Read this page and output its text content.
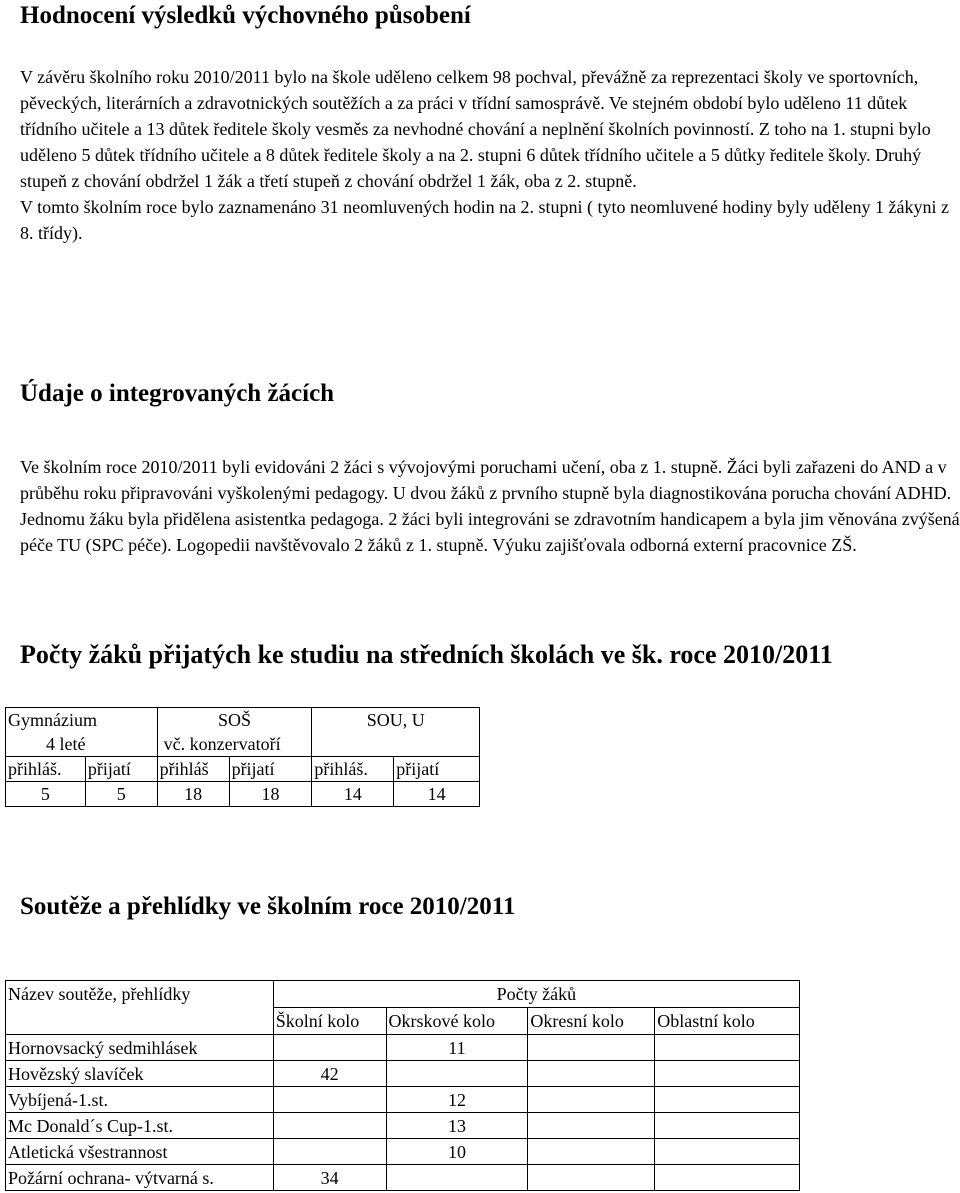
Hodnocení výsledků výchovného působení

V závěru školního roku 2010/2011 bylo na škole uděleno celkem 98 pochval, převážně za reprezentaci školy ve sportovních, pěveckých, literárních a zdravotnických soutěžích a za práci v třídní samosprávě. Ve stejném období bylo uděleno 11 důtek třídního učitele a 13 důtek ředitele školy vesměs za nevhodné chování a neplnění školních povinností. Z toho na 1. stupni bylo uděleno 5 důtek třídního učitele a 8 důtek ředitele školy a na 2. stupni 6 důtek třídního učitele a 5 důtky ředitele školy. Druhý stupeň z chování obdržel 1 žák a třetí stupeň z chování obdržel 1 žák, oba z 2. stupně.
V tomto školním roce bylo zaznamenáno 31 neomluvených hodin na 2. stupni ( tyto neomluvené hodiny byly uděleny 1 žákyni z 8. třídy).

Údaje o integrovaných žácích

Ve školním roce 2010/2011 byli evidováni 2 žáci s vývojovými poruchami učení, oba z 1. stupně. Žáci byli zařazeni do AND a v průběhu roku připravováni vyškolenými pedagogy. U dvou žáků z prvního stupně byla diagnostikována porucha chování ADHD. Jednomu žáku byla přidělena asistentka pedagoga. 2 žáci byli integrováni se zdravotním handicapem a byla jim věnována zvýšená péče TU (SPC péče). Logopedii navštěvovalo 2 žáků z 1. stupně. Výuku zajišťovala odborná externí pracovnice ZŠ.

Počty žáků přijatých ke studiu na středních školách ve šk. roce 2010/2011
Gymnázium		SOŠ		SOU, U	
4 leté		vč. konzervatoří			
přihláš.	přijatí	přihláš	přijatí	přihláš.	přijatí
5	5	18	18	14	14
Soutěže a přehlídky ve školním roce 2010/2011
Název soutěže, přehlídky	Počty žáků			
	Školní kolo	Okrskové kolo	Okresní kolo	Oblastní kolo
Hornovsacký sedmihlásek		11		
Hovězský slavíček	42			
Vybíjená-1.st.		12		
Mc Donald´s Cup-1.st.		13		
Atletická všestrannost		10		
Požární ochrana- výtvarná s.	34			
